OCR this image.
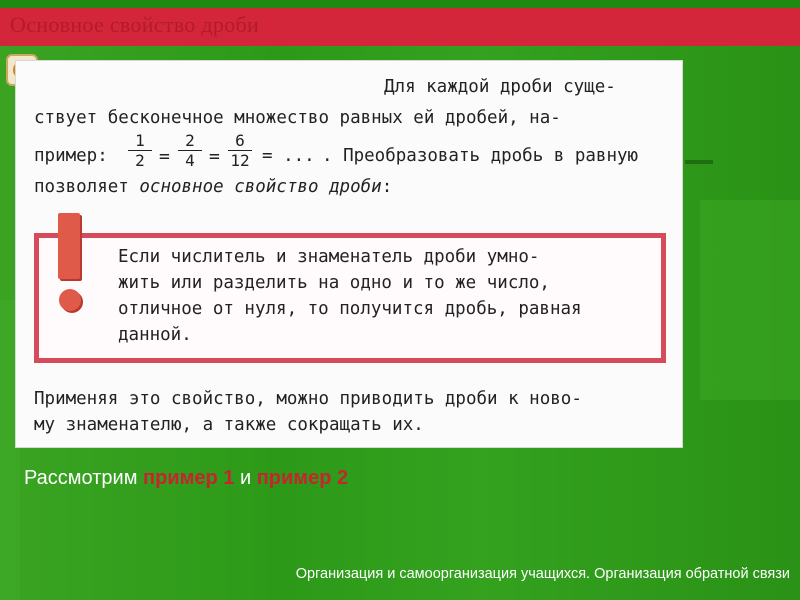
Основное свойство дроби
Для каждой дроби суще-
ствует бесконечное множество равных ей дробей, на-
пример: $\frac{1}{2} = \frac{2}{4} = \frac{6}{12}$ = ... . Преобразовать дробь в равную
позволяет основное свойство дроби:
Если числитель и знаменатель дроби умно-
жить или разделить на одно и то же число,
отличное от нуля, то получится дробь, равная
данной.
Применяя это свойство, можно приводить дроби к ново-
му знаменателю, а также сокращать их.
Рассмотрим пример 1 и пример 2
Организация и самоорганизация учащихся. Организация обратной связи
